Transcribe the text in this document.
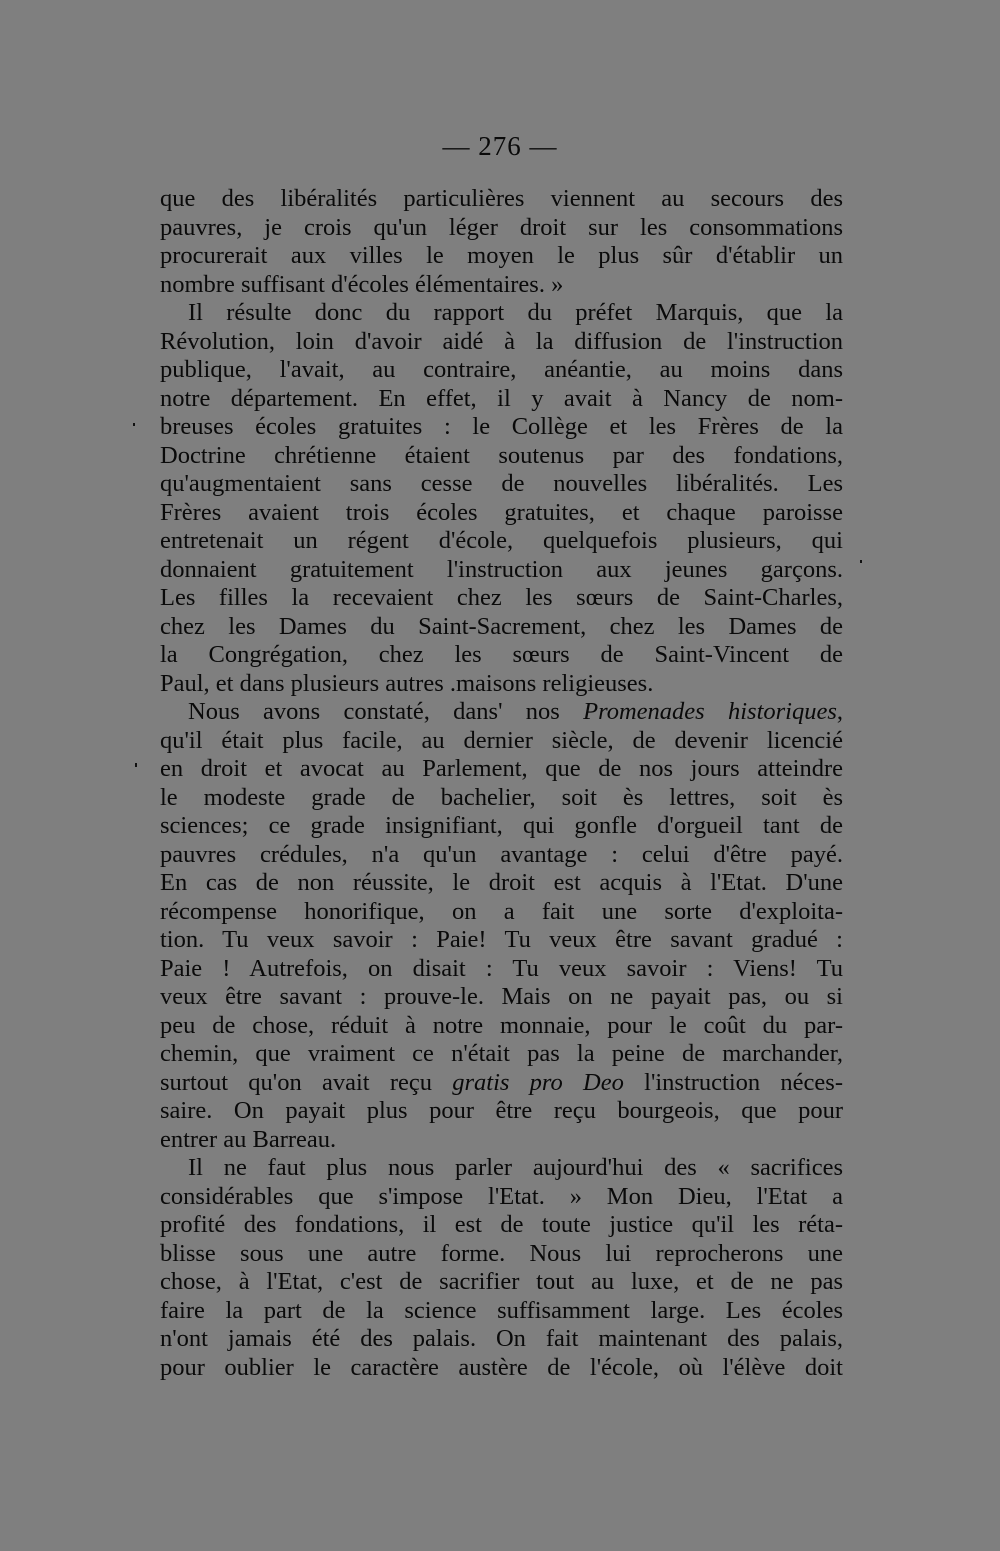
— 276 —
que des libéralités particulières viennent au secours des
pauvres, je crois qu'un léger droit sur les consommations
procurerait aux villes le moyen le plus sûr d'établir un
nombre suffisant d'écoles élémentaires. »
Il résulte donc du rapport du préfet Marquis, que la
Révolution, loin d'avoir aidé à la diffusion de l'instruction
publique, l'avait, au contraire, anéantie, au moins dans
notre département. En effet, il y avait à Nancy de nom-
breuses écoles gratuites : le Collège et les Frères de la
Doctrine chrétienne étaient soutenus par des fondations,
qu'augmentaient sans cesse de nouvelles libéralités. Les
Frères avaient trois écoles gratuites, et chaque paroisse
entretenait un régent d'école, quelquefois plusieurs, qui
donnaient gratuitement l'instruction aux jeunes garçons.
Les filles la recevaient chez les sœurs de Saint-Charles,
chez les Dames du Saint-Sacrement, chez les Dames de
la Congrégation, chez les sœurs de Saint-Vincent de
Paul, et dans plusieurs autres .maisons religieuses.
Nous avons constaté, dans' nos Promenades historiques,
qu'il était plus facile, au dernier siècle, de devenir licencié
en droit et avocat au Parlement, que de nos jours atteindre
le modeste grade de bachelier, soit ès lettres, soit ès
sciences; ce grade insignifiant, qui gonfle d'orgueil tant de
pauvres crédules, n'a qu'un avantage : celui d'être payé.
En cas de non réussite, le droit est acquis à l'Etat. D'une
récompense honorifique, on a fait une sorte d'exploita-
tion. Tu veux savoir : Paie! Tu veux être savant gradué :
Paie ! Autrefois, on disait : Tu veux savoir : Viens! Tu
veux être savant : prouve-le. Mais on ne payait pas, ou si
peu de chose, réduit à notre monnaie, pour le coût du par-
chemin, que vraiment ce n'était pas la peine de marchander,
surtout qu'on avait reçu gratis pro Deo l'instruction néces-
saire. On payait plus pour être reçu bourgeois, que pour
entrer au Barreau.
Il ne faut plus nous parler aujourd'hui des « sacrifices
considérables que s'impose l'Etat. » Mon Dieu, l'Etat a
profité des fondations, il est de toute justice qu'il les réta-
blisse sous une autre forme. Nous lui reprocherons une
chose, à l'Etat, c'est de sacrifier tout au luxe, et de ne pas
faire la part de la science suffisamment large. Les écoles
n'ont jamais été des palais. On fait maintenant des palais,
pour oublier le caractère austère de l'école, où l'élève doit
